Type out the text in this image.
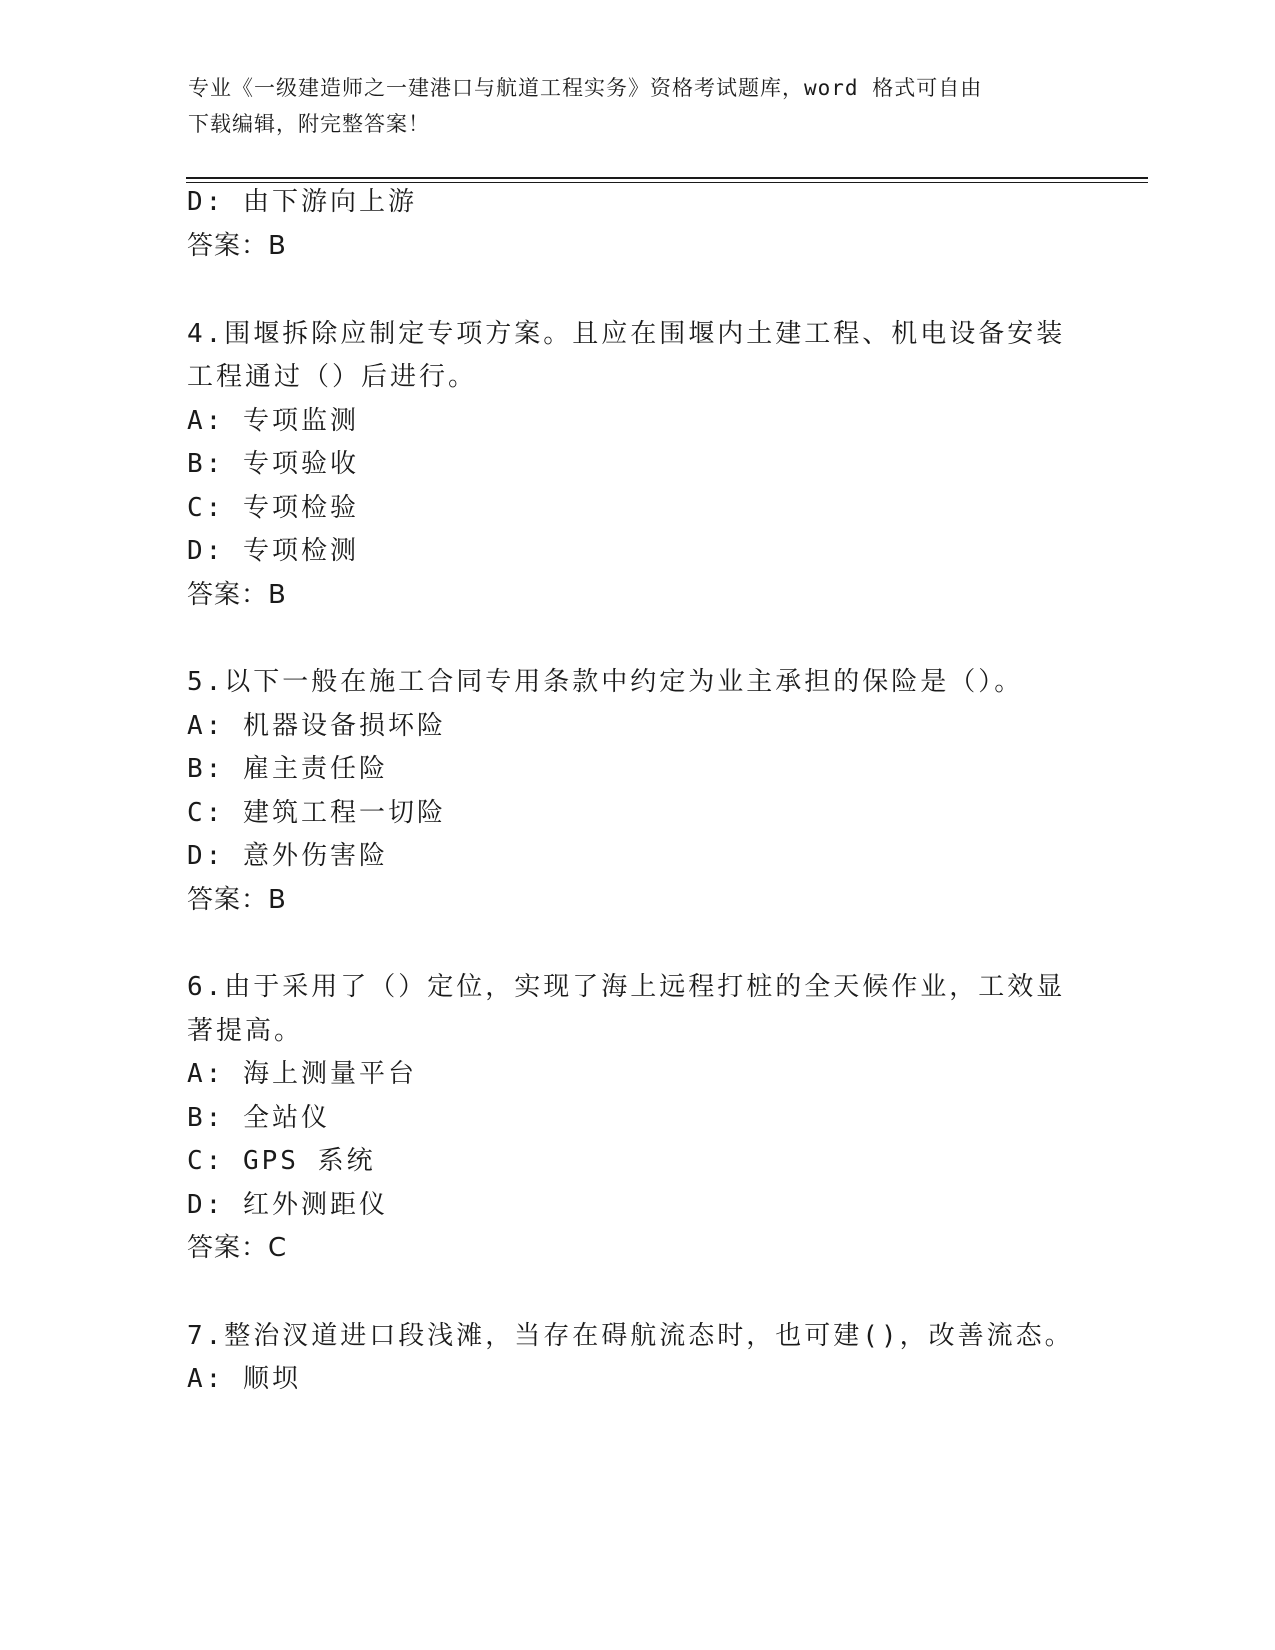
专业《一级建造师之一建港口与航道工程实务》资格考试题库，word 格式可自由
下载编辑，附完整答案！
D: 由下游向上游
答案：B
4.围堰拆除应制定专项方案。且应在围堰内土建工程、机电设备安装
工程通过（）后进行。
A: 专项监测
B: 专项验收
C: 专项检验
D: 专项检测
答案：B
5.以下一般在施工合同专用条款中约定为业主承担的保险是（）。
A: 机器设备损坏险
B: 雇主责任险
C: 建筑工程一切险
D: 意外伤害险
答案：B
6.由于采用了（）定位，实现了海上远程打桩的全天候作业，工效显
著提高。
A: 海上测量平台
B: 全站仪
C: GPS 系统
D: 红外测距仪
答案：C
7.整治汊道进口段浅滩，当存在碍航流态时，也可建()，改善流态。
A: 顺坝
